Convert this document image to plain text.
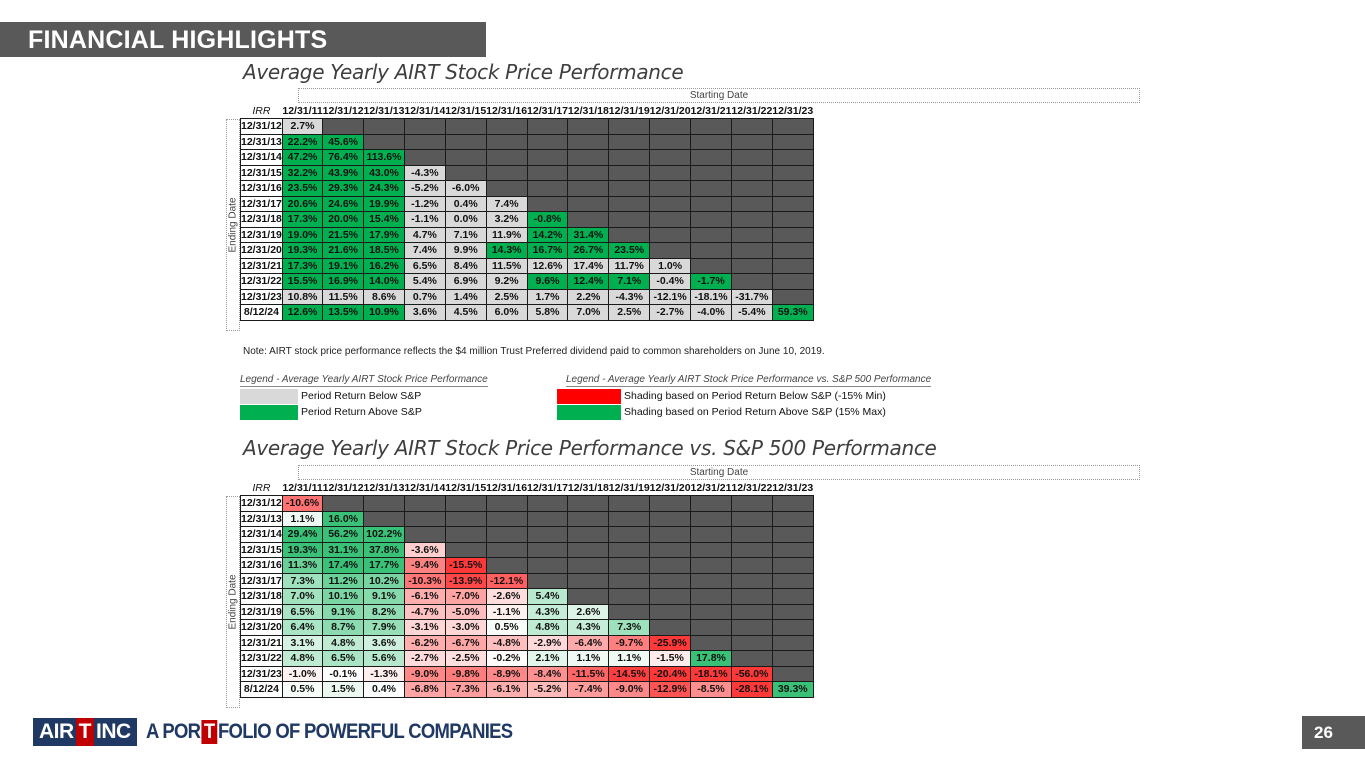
FINANCIAL HIGHLIGHTS
Average Yearly AIRT Stock Price Performance
Starting Date
Ending Date
IRR	12/31/11	12/31/12	12/31/13	12/31/14	12/31/15	12/31/16	12/31/17	12/31/18	12/31/19	12/31/20	12/31/21	12/31/22	12/31/23
12/31/12	2.7%												
12/31/13	22.2%	45.6%											
12/31/14	47.2%	76.4%	113.6%										
12/31/15	32.2%	43.9%	43.0%	-4.3%									
12/31/16	23.5%	29.3%	24.3%	-5.2%	-6.0%								
12/31/17	20.6%	24.6%	19.9%	-1.2%	0.4%	7.4%							
12/31/18	17.3%	20.0%	15.4%	-1.1%	0.0%	3.2%	-0.8%						
12/31/19	19.0%	21.5%	17.9%	4.7%	7.1%	11.9%	14.2%	31.4%					
12/31/20	19.3%	21.6%	18.5%	7.4%	9.9%	14.3%	16.7%	26.7%	23.5%				
12/31/21	17.3%	19.1%	16.2%	6.5%	8.4%	11.5%	12.6%	17.4%	11.7%	1.0%			
12/31/22	15.5%	16.9%	14.0%	5.4%	6.9%	9.2%	9.6%	12.4%	7.1%	-0.4%	-1.7%		
12/31/23	10.8%	11.5%	8.6%	0.7%	1.4%	2.5%	1.7%	2.2%	-4.3%	-12.1%	-18.1%	-31.7%	
8/12/24	12.6%	13.5%	10.9%	3.6%	4.5%	6.0%	5.8%	7.0%	2.5%	-2.7%	-4.0%	-5.4%	59.3%
Note: AIRT stock price performance reflects the $4 million Trust Preferred dividend paid to common shareholders on June 10, 2019.
Legend - Average Yearly AIRT Stock Price Performance
Period Return Below S&P
Period Return Above S&P
Legend - Average Yearly AIRT Stock Price Performance vs. S&P 500 Performance
Shading based on Period Return Below S&P (-15% Min)
Shading based on Period Return Above S&P (15% Max)
Average Yearly AIRT Stock Price Performance vs. S&P 500 Performance
Starting Date
Ending Date
IRR	12/31/11	12/31/12	12/31/13	12/31/14	12/31/15	12/31/16	12/31/17	12/31/18	12/31/19	12/31/20	12/31/21	12/31/22	12/31/23
12/31/12	-10.6%												
12/31/13	1.1%	16.0%											
12/31/14	29.4%	56.2%	102.2%										
12/31/15	19.3%	31.1%	37.8%	-3.6%									
12/31/16	11.3%	17.4%	17.7%	-9.4%	-15.5%								
12/31/17	7.3%	11.2%	10.2%	-10.3%	-13.9%	-12.1%							
12/31/18	7.0%	10.1%	9.1%	-6.1%	-7.0%	-2.6%	5.4%						
12/31/19	6.5%	9.1%	8.2%	-4.7%	-5.0%	-1.1%	4.3%	2.6%					
12/31/20	6.4%	8.7%	7.9%	-3.1%	-3.0%	0.5%	4.8%	4.3%	7.3%				
12/31/21	3.1%	4.8%	3.6%	-6.2%	-6.7%	-4.8%	-2.9%	-6.4%	-9.7%	-25.9%			
12/31/22	4.8%	6.5%	5.6%	-2.7%	-2.5%	-0.2%	2.1%	1.1%	1.1%	-1.5%	17.8%		
12/31/23	-1.0%	-0.1%	-1.3%	-9.0%	-9.8%	-8.9%	-8.4%	-11.5%	-14.5%	-20.4%	-18.1%	-56.0%	
8/12/24	0.5%	1.5%	0.4%	-6.8%	-7.3%	-6.1%	-5.2%	-7.4%	-9.0%	-12.9%	-8.5%	-28.1%	39.3%
AIR T INC A POR T FOLIO OF POWERFUL COMPANIES	26
